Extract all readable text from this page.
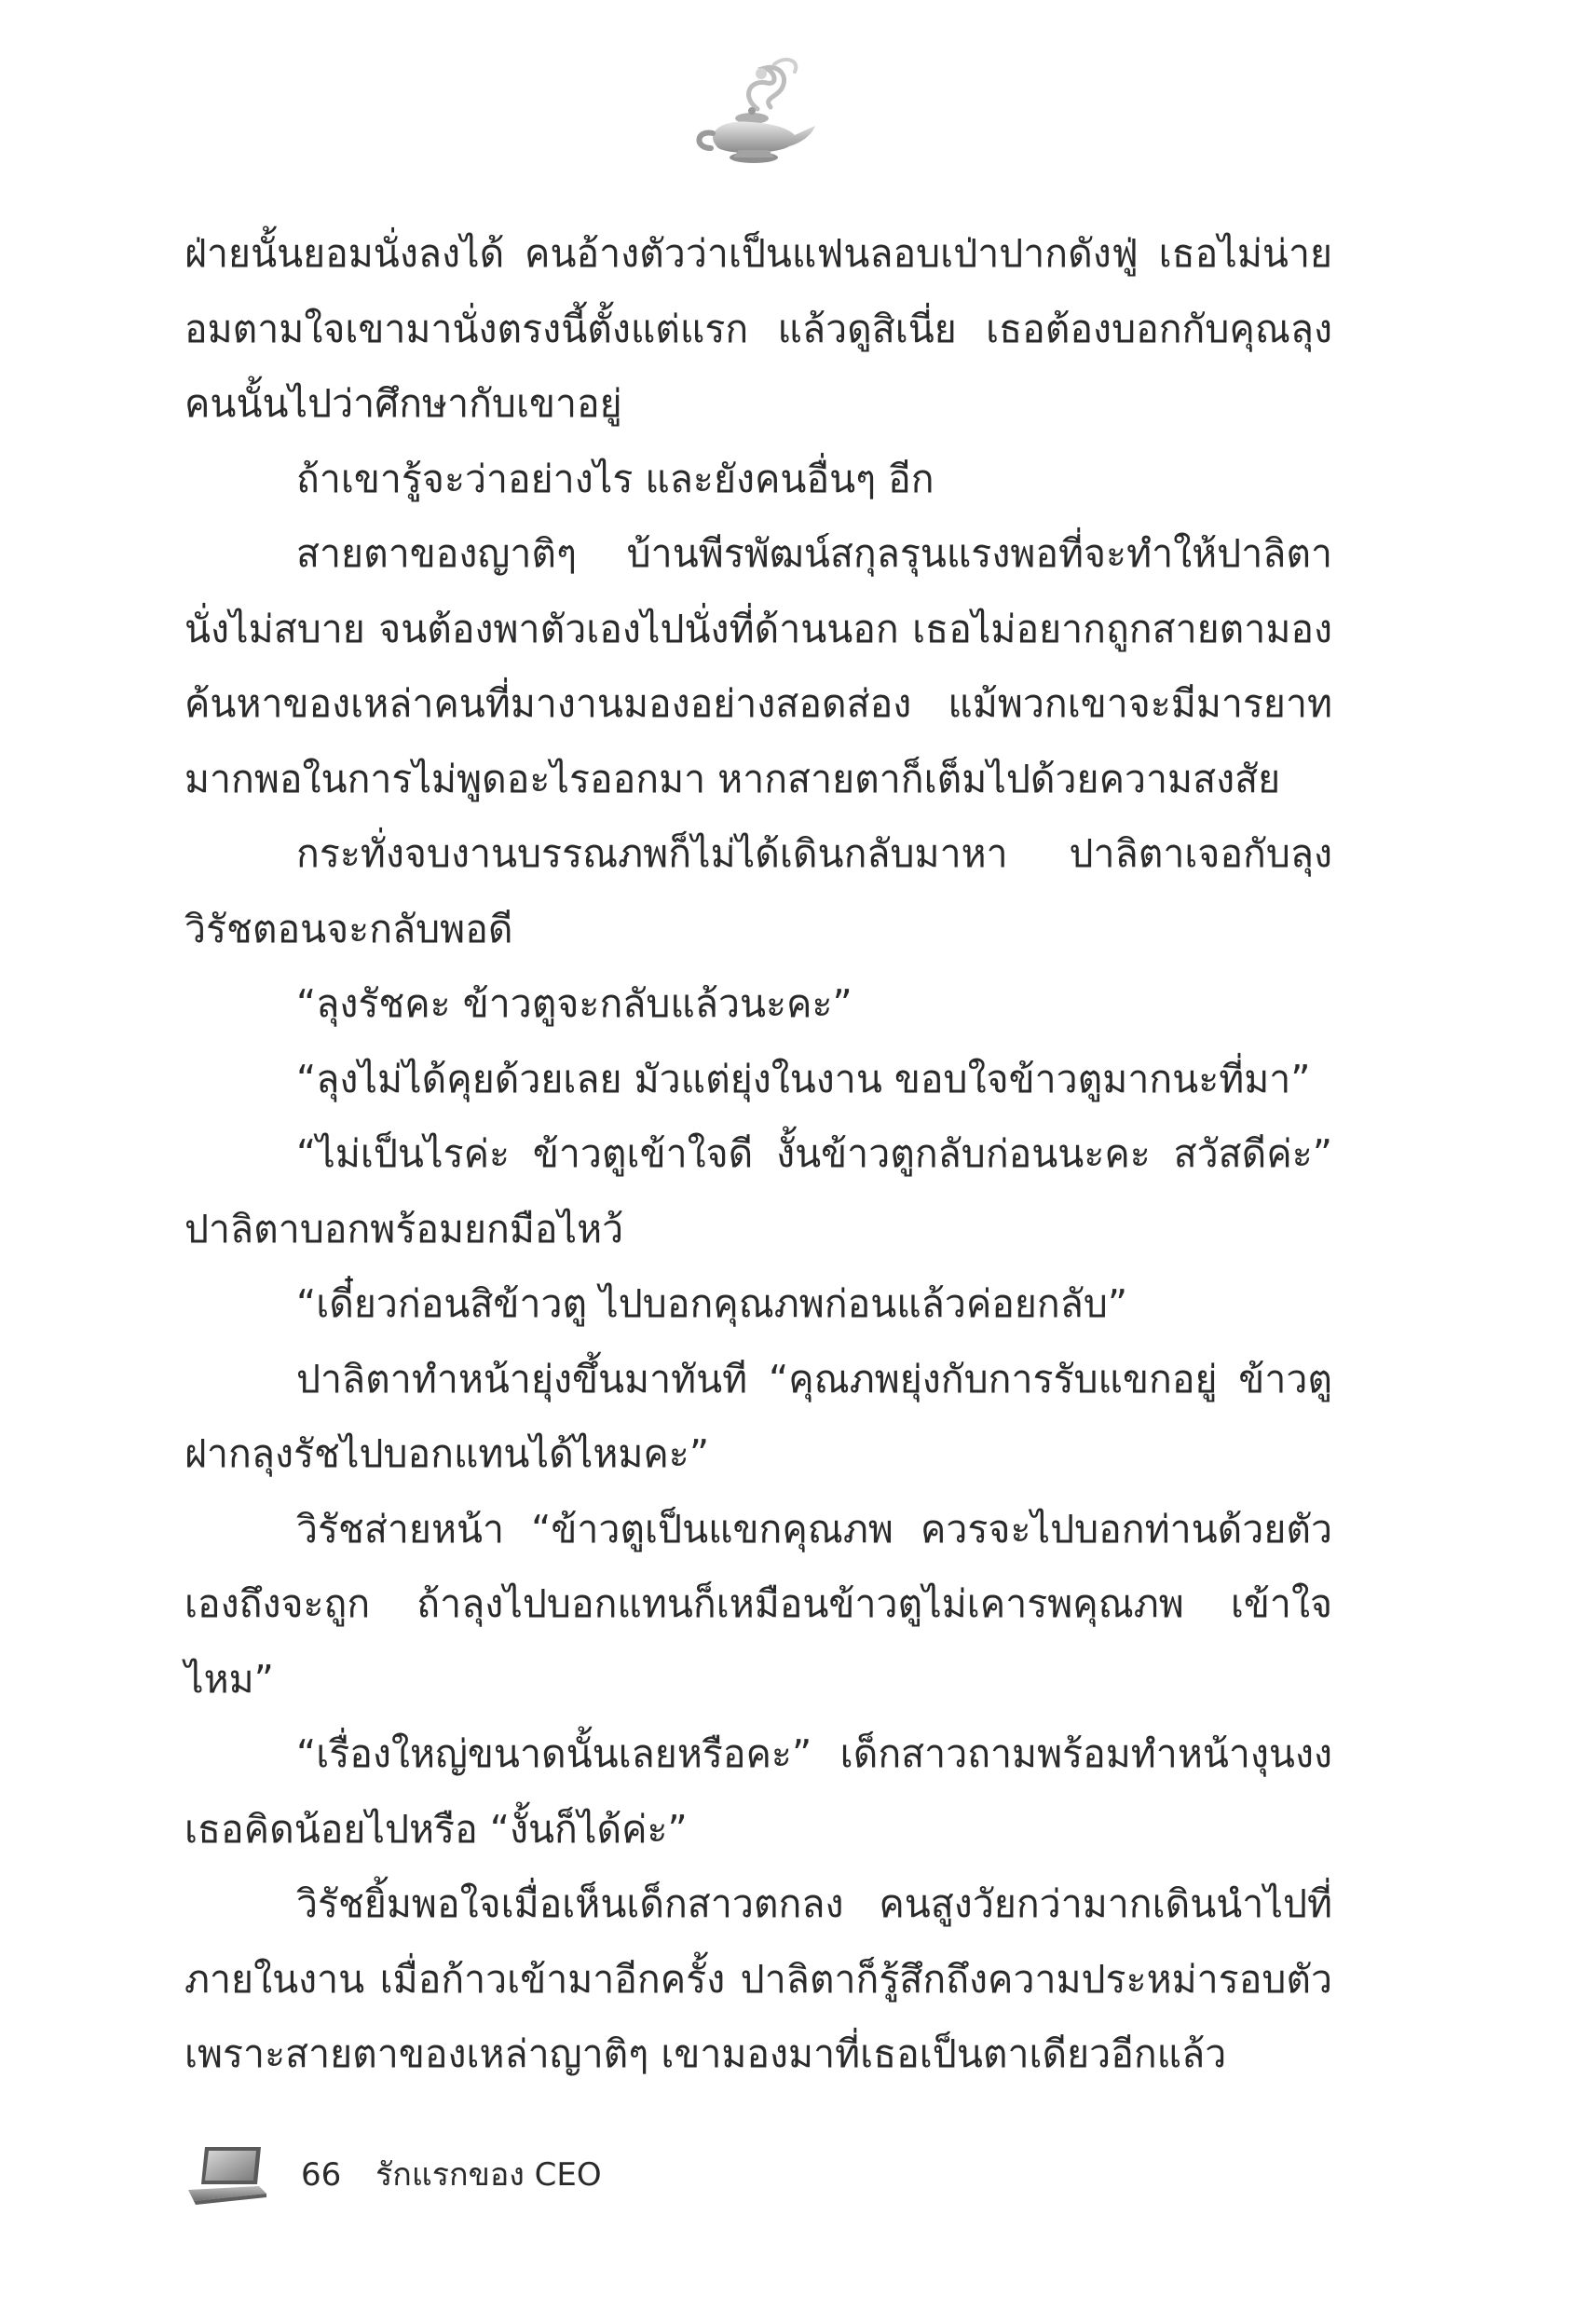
ฝ่ายนั้นยอมนั่งลงได้ คนอ้างตัวว่าเป็นแฟนลอบเป่าปากดังฟู่ เธอไม่น่ายอมตามใจเขามานั่งตรงนี้ตั้งแต่แรก แล้วดูสิเนี่ย เธอต้องบอกกับคุณลุงคนนั้นไปว่าศึกษากับเขาอยู่

ถ้าเขารู้จะว่าอย่างไร และยังคนอื่นๆ อีก

สายตาของญาติๆ บ้านพีรพัฒน์สกุลรุนแรงพอที่จะทำให้ปาลิตานั่งไม่สบาย จนต้องพาตัวเองไปนั่งที่ด้านนอก เธอไม่อยากถูกสายตามองค้นหาของเหล่าคนที่มางานมองอย่างสอดส่อง แม้พวกเขาจะมีมารยาทมากพอในการไม่พูดอะไรออกมา หากสายตาก็เต็มไปด้วยความสงสัย

กระทั่งจบงานบรรณภพก็ไม่ได้เดินกลับมาหา ปาลิตาเจอกับลุงวิรัชตอนจะกลับพอดี

“ลุงรัชคะ ข้าวตูจะกลับแล้วนะคะ”

“ลุงไม่ได้คุยด้วยเลย มัวแต่ยุ่งในงาน ขอบใจข้าวตูมากนะที่มา”

“ไม่เป็นไรค่ะ ข้าวตูเข้าใจดี งั้นข้าวตูกลับก่อนนะคะ สวัสดีค่ะ” ปาลิตาบอกพร้อมยกมือไหว้

“เดี๋ยวก่อนสิข้าวตู ไปบอกคุณภพก่อนแล้วค่อยกลับ”

ปาลิตาทำหน้ายุ่งขึ้นมาทันที “คุณภพยุ่งกับการรับแขกอยู่ ข้าวตูฝากลุงรัชไปบอกแทนได้ไหมคะ”

วิรัชส่ายหน้า “ข้าวตูเป็นแขกคุณภพ ควรจะไปบอกท่านด้วยตัวเองถึงจะถูก ถ้าลุงไปบอกแทนก็เหมือนข้าวตูไม่เคารพคุณภพ เข้าใจไหม”

“เรื่องใหญ่ขนาดนั้นเลยหรือคะ” เด็กสาวถามพร้อมทำหน้างุนงง เธอคิดน้อยไปหรือ “งั้นก็ได้ค่ะ”

วิรัชยิ้มพอใจเมื่อเห็นเด็กสาวตกลง คนสูงวัยกว่ามากเดินนำไปที่ภายในงาน เมื่อก้าวเข้ามาอีกครั้ง ปาลิตาก็รู้สึกถึงความประหม่ารอบตัว เพราะสายตาของเหล่าญาติๆ เขามองมาที่เธอเป็นตาเดียวอีกแล้ว

66 รักแรกของ CEO
